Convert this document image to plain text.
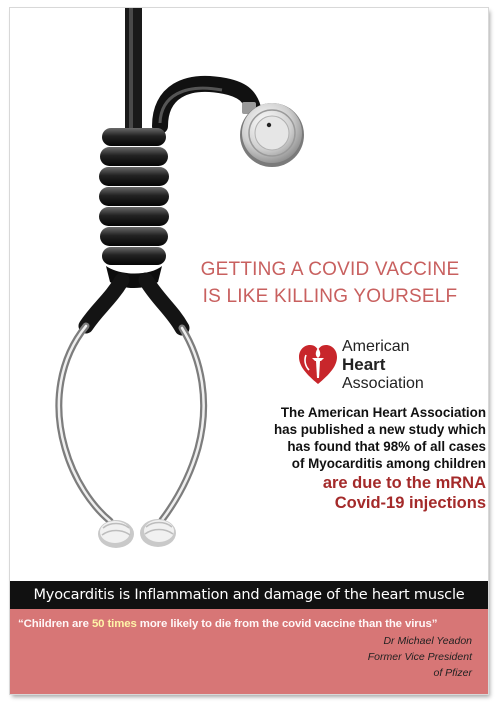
GETTING A COVID VACCINE
IS LIKE KILLING YOURSELF
American
Heart
Association
The American Heart Association
has published a new study which
has found that 98% of all cases
of Myocarditis among children
are due to the mRNA
Covid-19 injections
Myocarditis is Inflammation and damage of the heart muscle
“Children are 50 times more likely to die from the covid vaccine than the virus”
Dr Michael Yeadon
Former Vice President
of Pfizer
